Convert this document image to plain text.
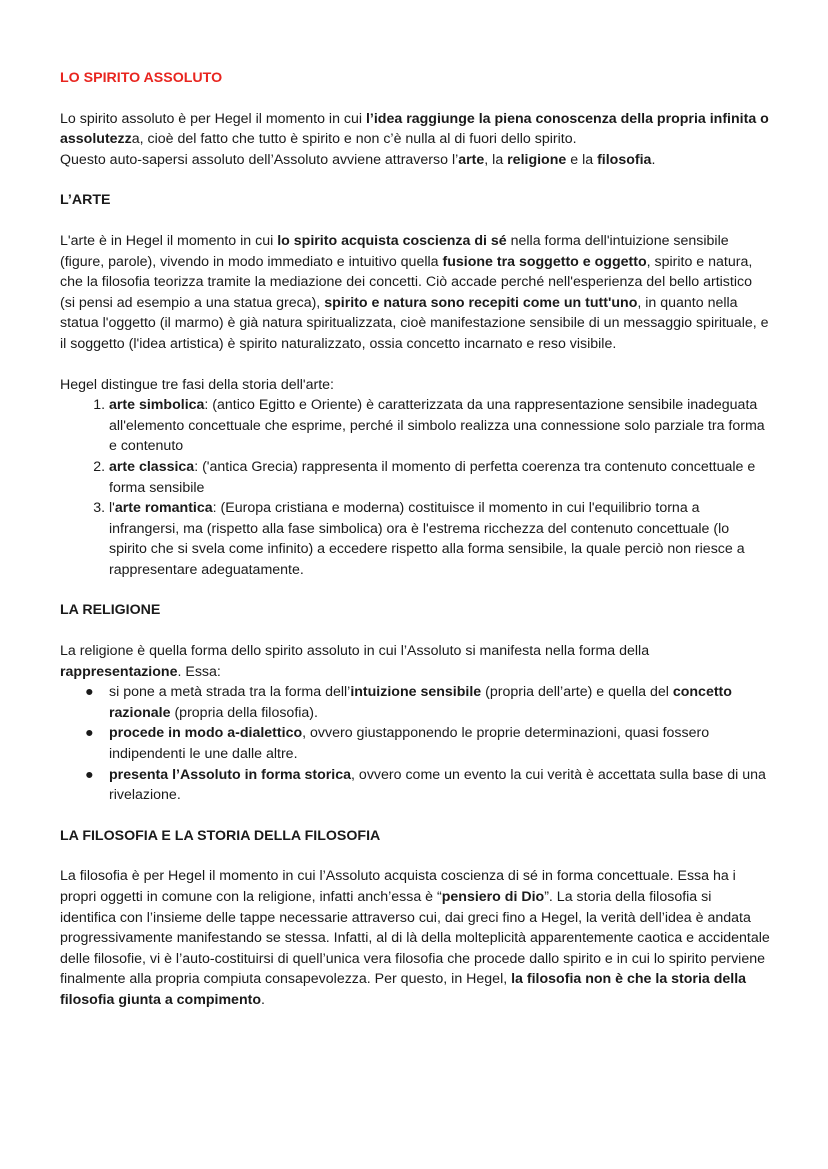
LO SPIRITO ASSOLUTO

Lo spirito assoluto è per Hegel il momento in cui l’idea raggiunge la piena conoscenza della propria infinita o assolutezza, cioè del fatto che tutto è spirito e non c’è nulla al di fuori dello spirito.
Questo auto-sapersi assoluto dell’Assoluto avviene attraverso l’arte, la religione e la filosofia.

L’ARTE

L'arte è in Hegel il momento in cui lo spirito acquista coscienza di sé nella forma dell'intuizione sensibile (figure, parole), vivendo in modo immediato e intuitivo quella fusione tra soggetto e oggetto, spirito e natura, che la filosofia teorizza tramite la mediazione dei concetti. Ciò accade perché nell'esperienza del bello artistico (si pensi ad esempio a una statua greca), spirito e natura sono recepiti come un tutt'uno, in quanto nella statua l'oggetto (il marmo) è già natura spiritualizzata, cioè manifestazione sensibile di un messaggio spirituale, e il soggetto (l'idea artistica) è spirito naturalizzato, ossia concetto incarnato e reso visibile.

Hegel distingue tre fasi della storia dell'arte:
1. arte simbolica: (antico Egitto e Oriente) è caratterizzata da una rappresentazione sensibile inadeguata all'elemento concettuale che esprime, perché il simbolo realizza una connessione solo parziale tra forma e contenuto
2. arte classica: ('antica Grecia) rappresenta il momento di perfetta coerenza tra contenuto concettuale e forma sensibile
3. l'arte romantica: (Europa cristiana e moderna) costituisce il momento in cui l'equilibrio torna a infrangersi, ma (rispetto alla fase simbolica) ora è l'estrema ricchezza del contenuto concettuale (lo spirito che si svela come infinito) a eccedere rispetto alla forma sensibile, la quale perciò non riesce a rappresentare adeguatamente.
LA RELIGIONE
La religione è quella forma dello spirito assoluto in cui l’Assoluto si manifesta nella forma della rappresentazione. Essa:
● si pone a metà strada tra la forma dell’intuizione sensibile (propria dell’arte) e quella del concetto razionale (propria della filosofia).
● procede in modo a-dialettico, ovvero giustapponendo le proprie determinazioni, quasi fossero indipendenti le une dalle altre.
● presenta l’Assoluto in forma storica, ovvero come un evento la cui verità è accettata sulla base di una rivelazione.
LA FILOSOFIA E LA STORIA DELLA FILOSOFIA

La filosofia è per Hegel il momento in cui l’Assoluto acquista coscienza di sé in forma concettuale. Essa ha i propri oggetti in comune con la religione, infatti anch’essa è “pensiero di Dio”. La storia della filosofia si identifica con l’insieme delle tappe necessarie attraverso cui, dai greci fino a Hegel, la verità dell’idea è andata progressivamente manifestando se stessa. Infatti, al di là della molteplicità apparentemente caotica e accidentale delle filosofie, vi è l’auto-costituirsi di quell’unica vera filosofia che procede dallo spirito e in cui lo spirito perviene finalmente alla propria compiuta consapevolezza. Per questo, in Hegel, la filosofia non è che la storia della filosofia giunta a compimento.
